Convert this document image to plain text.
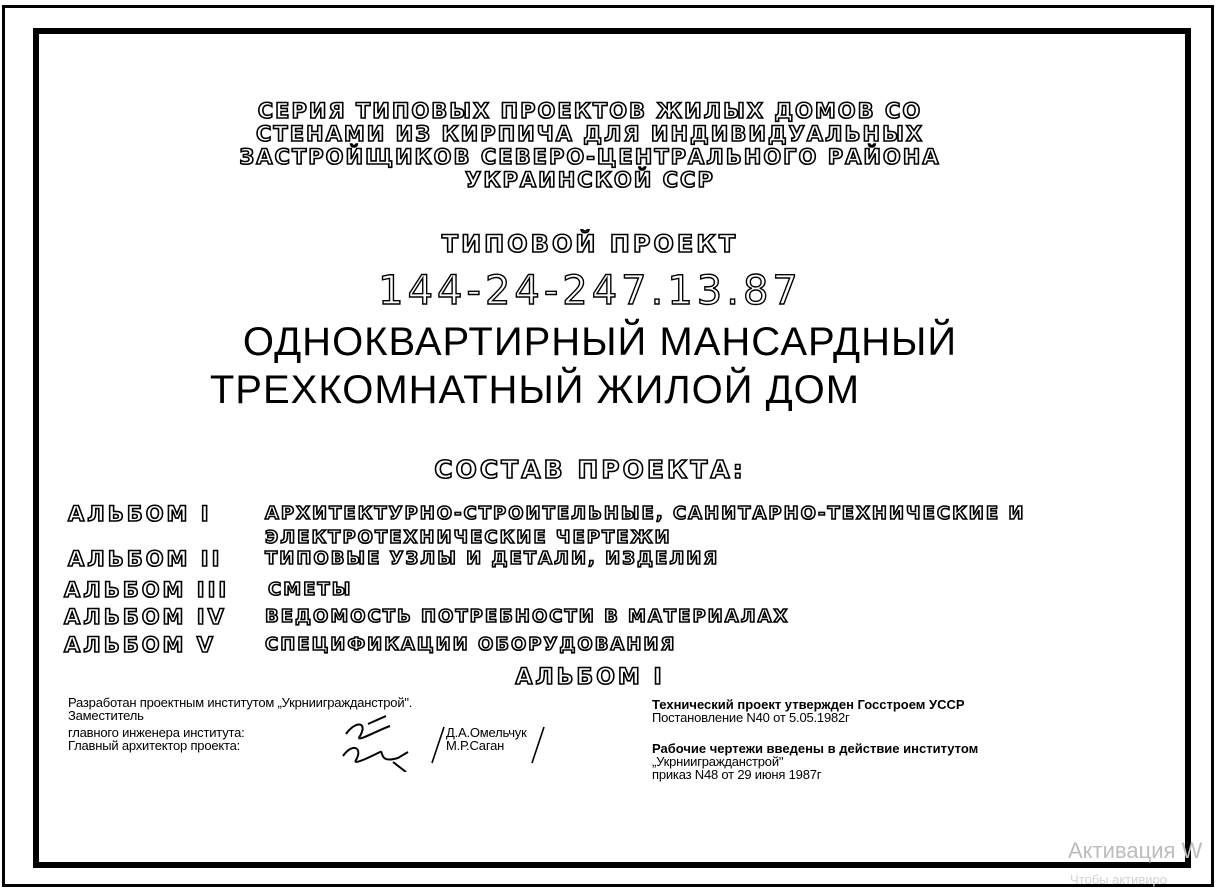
СЕРИЯ ТИПОВЫХ ПРОЕКТОВ ЖИЛЫХ ДОМОВ СО
СТЕНАМИ ИЗ КИРПИЧА ДЛЯ ИНДИВИДУАЛЬНЫХ
ЗАСТРОЙЩИКОВ СЕВЕРО-ЦЕНТРАЛЬНОГО РАЙОНА
УКРАИНСКОЙ ССР
ТИПОВОЙ ПРОЕКТ
144-24-247.13.87
ОДНОКВАРТИРНЫЙ МАНСАРДНЫЙ
ТРЕХКОМНАТНЫЙ ЖИЛОЙ ДОМ
СОСТАВ ПРОЕКТА:
АЛЬБОМ I	АРХИТЕКТУРНО-СТРОИТЕЛЬНЫЕ, САНИТАРНО-ТЕХНИЧЕСКИЕ И
ЭЛЕКТРОТЕХНИЧЕСКИЕ ЧЕРТЕЖИ
АЛЬБОМ II ТИПОВЫЕ УЗЛЫ И ДЕТАЛИ, ИЗДЕЛИЯ
АЛЬБОМ III СМЕТЫ
АЛЬБОМ IV ВЕДОМОСТЬ ПОТРЕБНОСТИ В МАТЕРИАЛАХ
АЛЬБОМ V	СПЕЦИФИКАЦИИ ОБОРУДОВАНИЯ
АЛЬБОМ I
Разработан проектным институтом „Укрниигражданстрой".
Заместитель
главного инженера института:
Главный архитектор проекта:
Д.А.Омельчук
М.Р.Саган
Технический проект утвержден Госстроем УССР
Постановление N40 от 5.05.1982г
Рабочие чертежи введены в действие институтом
„Укрниигражданстрой"
приказ N48 от 29 июня 1987г
Активация W
Чтобы активиро
